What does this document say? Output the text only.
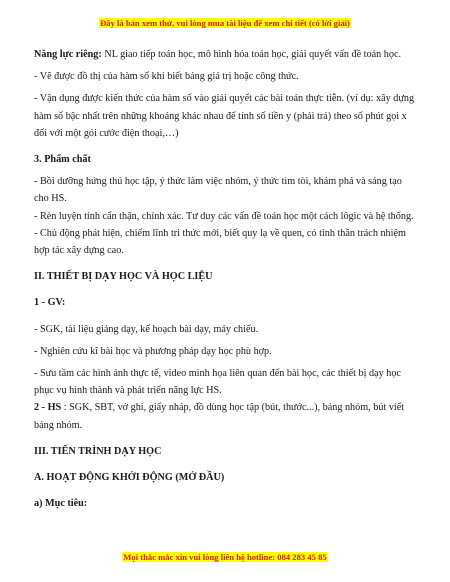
Đây là bản xem thử, vui lòng mua tài liệu để xem chi tiết (có lời giải)

Năng lực riêng: NL giao tiếp toán học, mô hình hóa toán học, giải quyết vấn đề toán học.

- Vẽ được đồ thị của hàm số khi biết bảng giá trị hoặc công thức.

- Vận dụng được kiến thức của hàm số vào giải quyết các bài toán thực tiễn. (ví dụ: xây dựng hàm số bậc nhất trên những khoảng khác nhau để tính số tiền y (phải trả) theo số phút gọi x đối với một gói cước điện thoại,…)

3. Phẩm chất

- Bồi dưỡng hứng thú học tập, ý thức làm việc nhóm, ý thức tìm tòi, khám phá và sáng tạo cho HS.

- Rèn luyện tính cẩn thận, chính xác. Tư duy các vấn đề toán học một cách lôgic và hệ thống.

- Chủ động phát hiện, chiếm lĩnh tri thức mới, biết quy lạ về quen, có tinh thần trách nhiệm hợp tác xây dựng cao.

II. THIẾT BỊ DẠY HỌC VÀ HỌC LIỆU

1 - GV:

- SGK, tài liệu giảng dạy, kế hoạch bài dạy, máy chiếu.

- Nghiên cứu kĩ bài học và phương pháp dạy học phù hợp.

- Sưu tầm các hình ảnh thực tế, video minh họa liên quan đến bài học, các thiết bị dạy học phục vụ hình thành và phát triển năng lực HS.

2 - HS : SGK, SBT, vở ghi, giấy nháp, đồ dùng học tập (bút, thước...), bảng nhóm, bút viết bảng nhóm.

III. TIẾN TRÌNH DẠY HỌC

A. HOẠT ĐỘNG KHỞI ĐỘNG (MỞ ĐẦU)

a) Mục tiêu:

Mọi thắc mắc xin vui lòng liên hệ hotline: 084 283 45 85
